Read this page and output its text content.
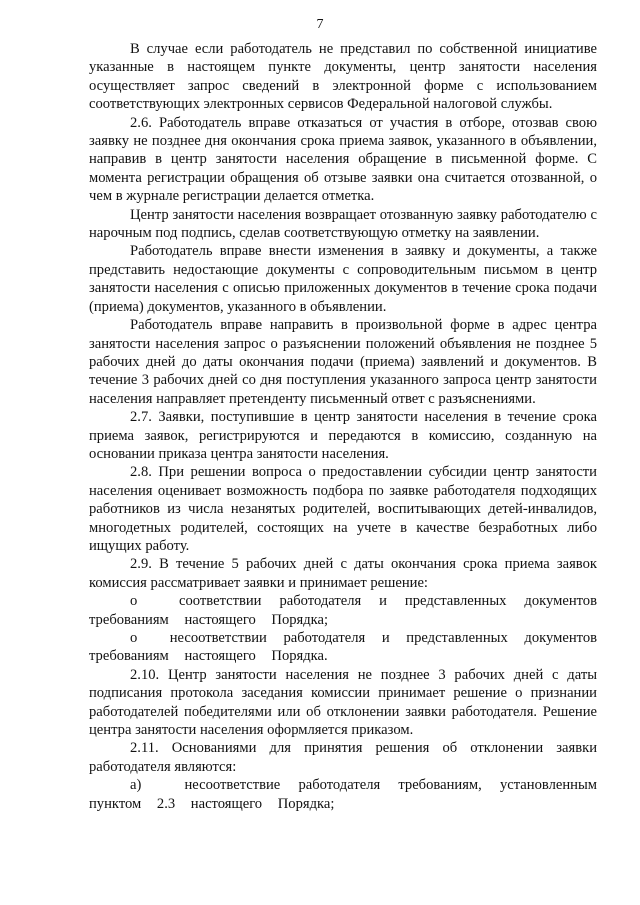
7

В случае если работодатель не представил по собственной инициативе указанные в настоящем пункте документы, центр занятости населения осуществляет запрос сведений в электронной форме с использованием соответствующих электронных сервисов Федеральной налоговой службы.

2.6. Работодатель вправе отказаться от участия в отборе, отозвав свою заявку не позднее дня окончания срока приема заявок, указанного в объявлении, направив в центр занятости населения обращение в письменной форме. С момента регистрации обращения об отзыве заявки она считается отозванной, о чем в журнале регистрации делается отметка.

Центр занятости населения возвращает отозванную заявку работодателю с нарочным под подпись, сделав соответствующую отметку на заявлении.

Работодатель вправе внести изменения в заявку и документы, а также представить недостающие документы с сопроводительным письмом в центр занятости населения с описью приложенных документов в течение срока подачи (приема) документов, указанного в объявлении.

Работодатель вправе направить в произвольной форме в адрес центра занятости населения запрос о разъяснении положений объявления не позднее 5 рабочих дней до даты окончания подачи (приема) заявлений и документов. В течение 3 рабочих дней со дня поступления указанного запроса центр занятости населения направляет претенденту письменный ответ с разъяснениями.

2.7. Заявки, поступившие в центр занятости населения в течение срока приема заявок, регистрируются и передаются в комиссию, созданную на основании приказа центра занятости населения.

2.8. При решении вопроса о предоставлении субсидии центр занятости населения оценивает возможность подбора по заявке работодателя подходящих работников из числа незанятых родителей, воспитывающих детей-инвалидов, многодетных родителей, состоящих на учете в качестве безработных либо ищущих работу.

2.9. В течение 5 рабочих дней с даты окончания срока приема заявок комиссия рассматривает заявки и принимает решение:

о       соответствии работодателя и представленных документов требованиям настоящего Порядка;
о       несоответствии работодателя и представленных документов требованиям настоящего Порядка.

2.10. Центр занятости населения не позднее 3 рабочих дней с даты подписания протокола заседания комиссии принимает решение о признании работодателей победителями или об отклонении заявки работодателя. Решение центра занятости населения оформляется приказом.

2.11. Основаниями для принятия решения об отклонении заявки работодателя являются:

а)       несоответствие работодателя требованиям, установленным пунктом 2.3 настоящего Порядка;
